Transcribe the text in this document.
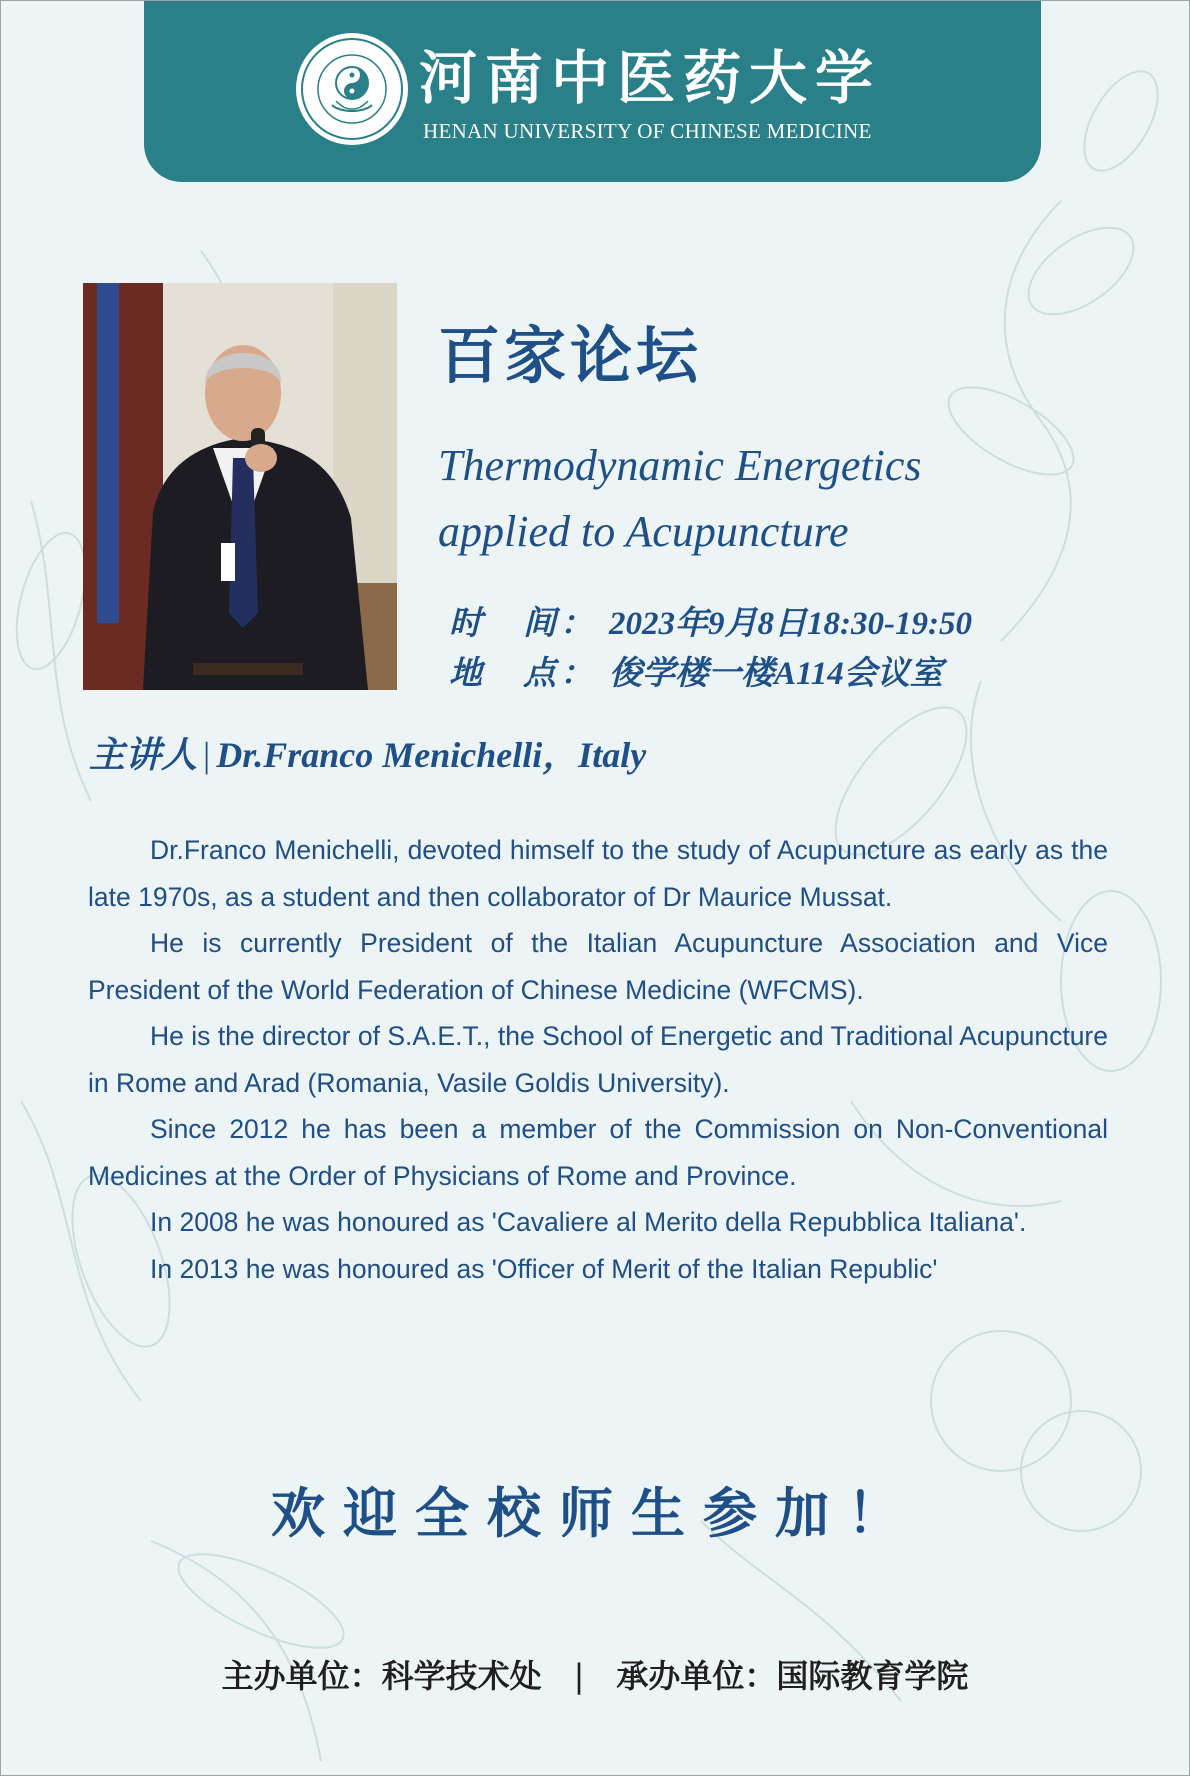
河南中医药大学
HENAN UNIVERSITY OF CHINESE MEDICINE
百家论坛
Thermodynamic Energetics
applied to Acupuncture
时　间： 2023年9月8日18:30-19:50
地　点： 俊学楼一楼A114会议室
主讲人 | Dr.Franco Menichelli，Italy

Dr.Franco Menichelli, devoted himself to the study of Acupuncture as early as the late 1970s, as a student and then collaborator of Dr Maurice Mussat.

He is currently President of the Italian Acupuncture Association and Vice President of the World Federation of Chinese Medicine (WFCMS).

He is the director of S.A.E.T., the School of Energetic and Traditional Acupuncture in Rome and Arad (Romania, Vasile Goldis University).

Since 2012 he has been a member of the Commission on Non-Conventional Medicines at the Order of Physicians of Rome and Province.

In 2008 he was honoured as 'Cavaliere al Merito della Repubblica Italiana'.

In 2013 he was honoured as 'Officer of Merit of the Italian Republic'

欢迎全校师生参加！
主办单位：科学技术处 | 承办单位：国际教育学院
